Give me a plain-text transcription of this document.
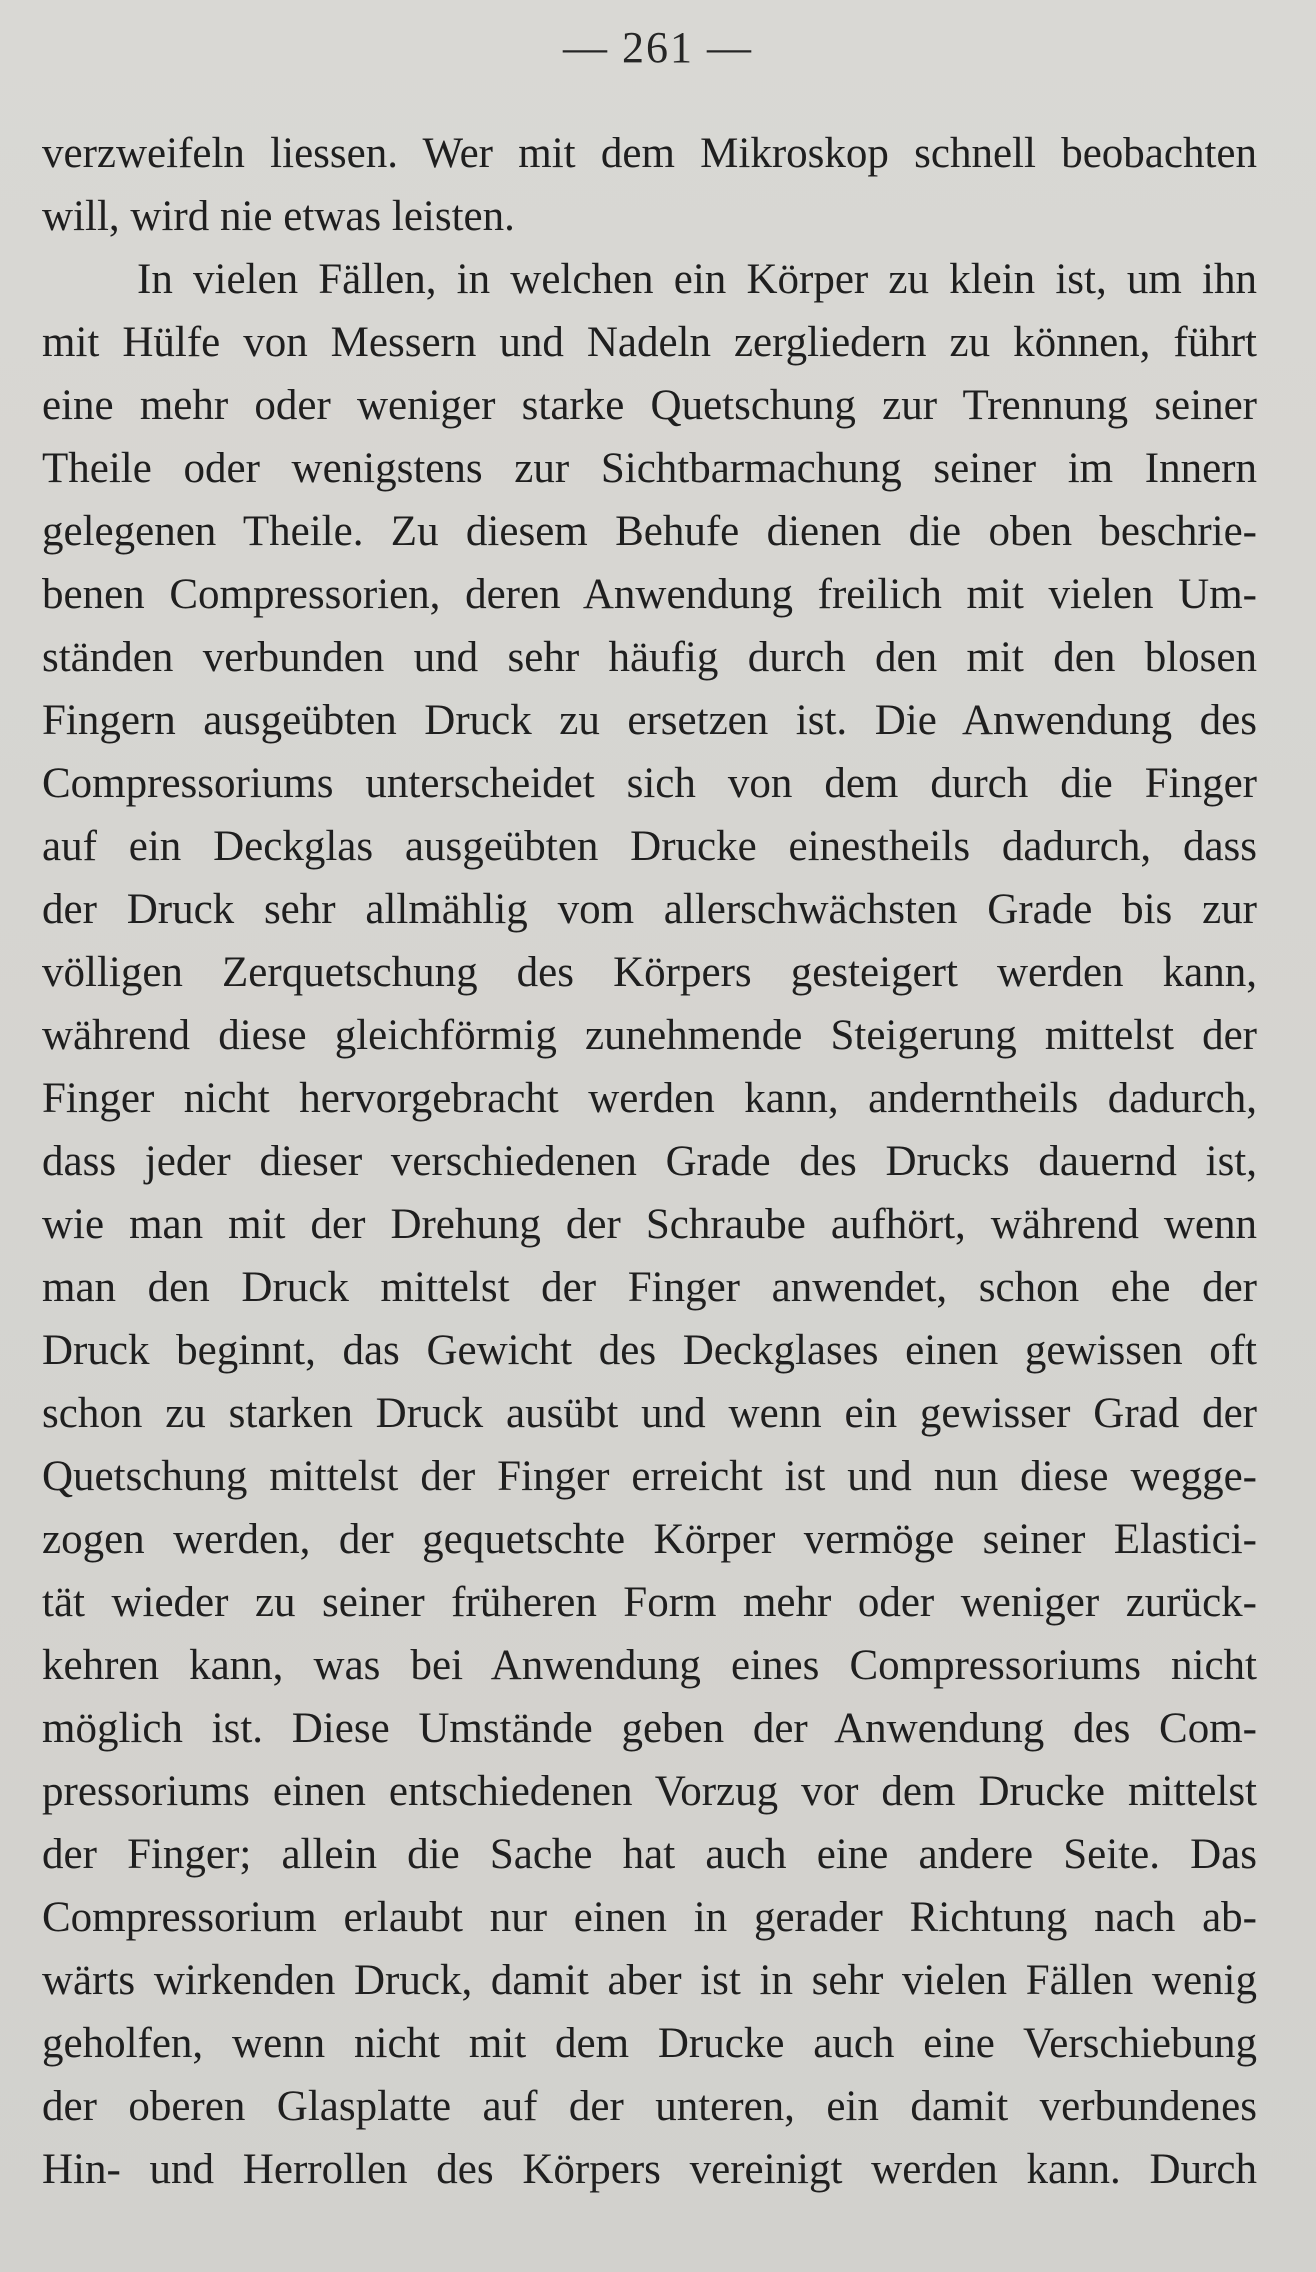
— 261 —
verzweifeln liessen. Wer mit dem Mikroskop schnell beobachten
will, wird nie etwas leisten.
In vielen Fällen, in welchen ein Körper zu klein ist, um ihn
mit Hülfe von Messern und Nadeln zergliedern zu können, führt
eine mehr oder weniger starke Quetschung zur Trennung seiner
Theile oder wenigstens zur Sichtbarmachung seiner im Innern
gelegenen Theile. Zu diesem Behufe dienen die oben beschrie-
benen Compressorien, deren Anwendung freilich mit vielen Um-
ständen verbunden und sehr häufig durch den mit den blosen
Fingern ausgeübten Druck zu ersetzen ist. Die Anwendung des
Compressoriums unterscheidet sich von dem durch die Finger
auf ein Deckglas ausgeübten Drucke einestheils dadurch, dass
der Druck sehr allmählig vom allerschwächsten Grade bis zur
völligen Zerquetschung des Körpers gesteigert werden kann,
während diese gleichförmig zunehmende Steigerung mittelst der
Finger nicht hervorgebracht werden kann, anderntheils dadurch,
dass jeder dieser verschiedenen Grade des Drucks dauernd ist,
wie man mit der Drehung der Schraube aufhört, während wenn
man den Druck mittelst der Finger anwendet, schon ehe der
Druck beginnt, das Gewicht des Deckglases einen gewissen oft
schon zu starken Druck ausübt und wenn ein gewisser Grad der
Quetschung mittelst der Finger erreicht ist und nun diese wegge-
zogen werden, der gequetschte Körper vermöge seiner Elastici-
tät wieder zu seiner früheren Form mehr oder weniger zurück-
kehren kann, was bei Anwendung eines Compressoriums nicht
möglich ist. Diese Umstände geben der Anwendung des Com-
pressoriums einen entschiedenen Vorzug vor dem Drucke mittelst
der Finger; allein die Sache hat auch eine andere Seite. Das
Compressorium erlaubt nur einen in gerader Richtung nach ab-
wärts wirkenden Druck, damit aber ist in sehr vielen Fällen wenig
geholfen, wenn nicht mit dem Drucke auch eine Verschiebung
der oberen Glasplatte auf der unteren, ein damit verbundenes
Hin- und Herrollen des Körpers vereinigt werden kann. Durch
